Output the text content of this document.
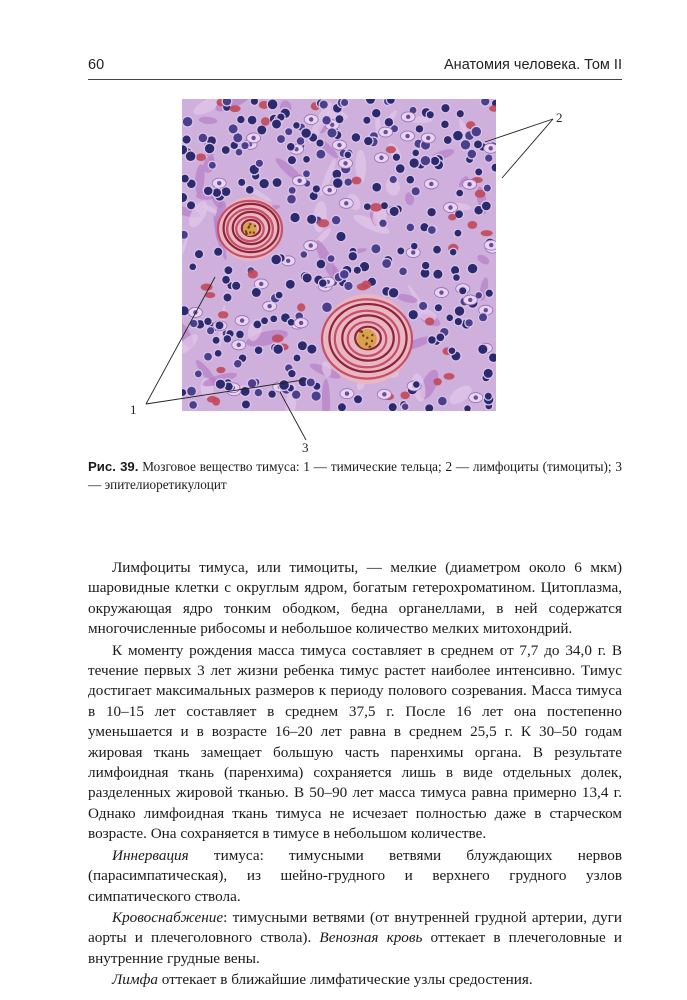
60	Анатомия человека. Том II
1
2
3
Рис. 39. Мозговое вещество тимуса: 1 — тимические тельца; 2 — лимфоциты (тимоциты); 3 — эпителиоретикулоцит

Лимфоциты тимуса, или тимоциты, — мелкие (диаметром около 6 мкм) шаровидные клетки с округлым ядром, богатым гетерохроматином. Цитоплазма, окружающая ядро тонким ободком, бедна органеллами, в ней содержатся многочисленные рибосомы и небольшое количество мелких митохондрий.

К моменту рождения масса тимуса составляет в среднем от 7,7 до 34,0 г. В течение первых 3 лет жизни ребенка тимус растет наиболее интенсивно. Тимус достигает максимальных размеров к периоду полового созревания. Масса тимуса в 10–15 лет составляет в среднем 37,5 г. После 16 лет она постепенно уменьшается и в возрасте 16–20 лет равна в среднем 25,5 г. К 30–50 годам жировая ткань замещает большую часть паренхимы органа. В результате лимфоидная ткань (паренхима) сохраняется лишь в виде отдельных долек, разделенных жировой тканью. В 50–90 лет масса тимуса равна примерно 13,4 г. Однако лимфоидная ткань тимуса не исчезает полностью даже в старческом возрасте. Она сохраняется в тимусе в небольшом количестве.

Иннервация тимуса: тимусными ветвями блуждающих нервов (парасимпатическая), из шейно-грудного и верхнего грудного узлов симпатического ствола.

Кровоснабжение: тимусными ветвями (от внутренней грудной артерии, дуги аорты и плечеголовного ствола). Венозная кровь оттекает в плечеголовные и внутренние грудные вены.

Лимфа оттекает в ближайшие лимфатические узлы средостения.
